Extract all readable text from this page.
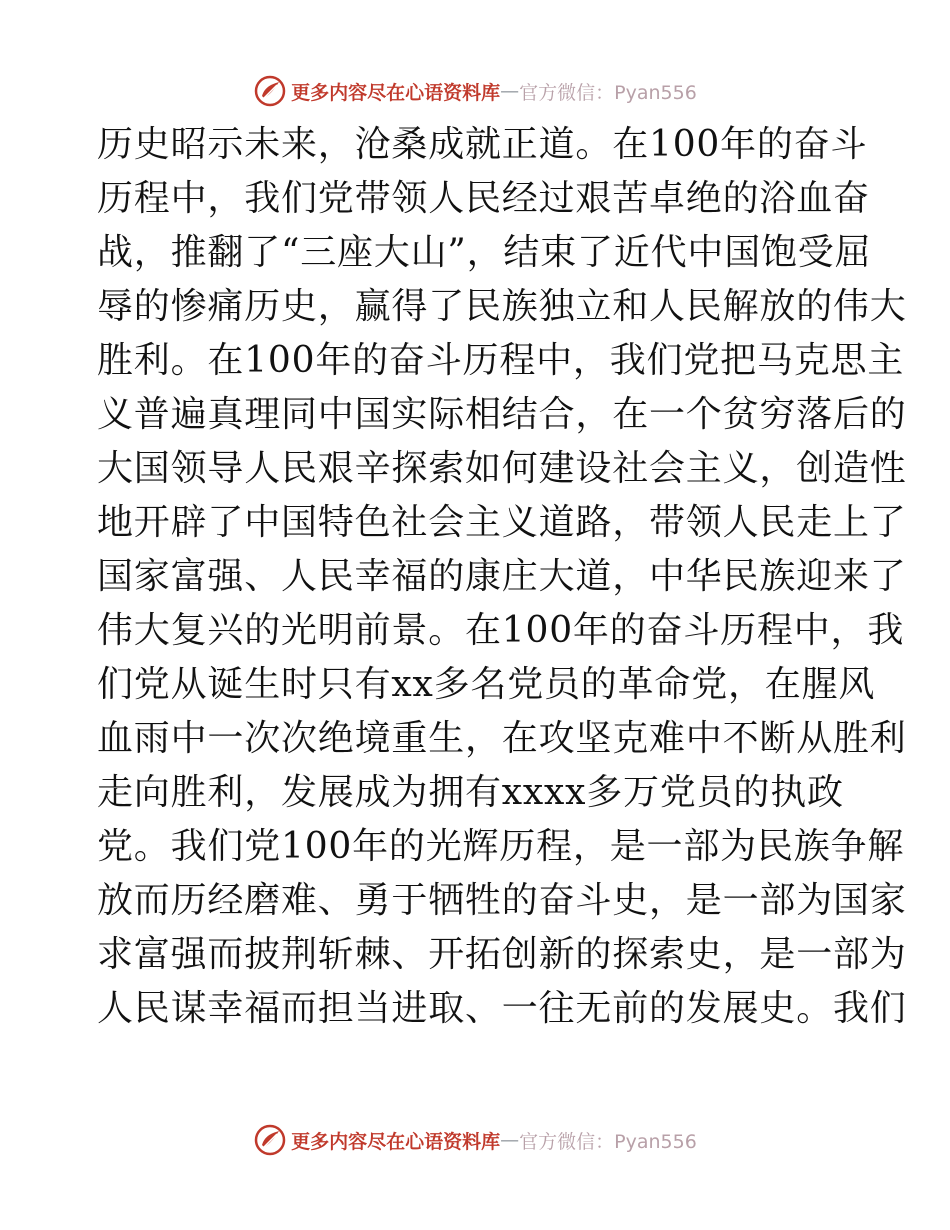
更多内容尽在心语资料库 — 官方微信：Pyan556
历史昭示未来，沧桑成就正道。在100年的奋斗
历程中，我们党带领人民经过艰苦卓绝的浴血奋
战，推翻了“三座大山”，结束了近代中国饱受屈
辱的惨痛历史，赢得了民族独立和人民解放的伟大
胜利。在100年的奋斗历程中，我们党把马克思主
义普遍真理同中国实际相结合，在一个贫穷落后的
大国领导人民艰辛探索如何建设社会主义，创造性
地开辟了中国特色社会主义道路，带领人民走上了
国家富强、人民幸福的康庄大道，中华民族迎来了
伟大复兴的光明前景。在100年的奋斗历程中，我
们党从诞生时只有xx多名党员的革命党，在腥风
血雨中一次次绝境重生，在攻坚克难中不断从胜利
走向胜利，发展成为拥有xxxx多万党员的执政
党。我们党100年的光辉历程，是一部为民族争解
放而历经磨难、勇于牺牲的奋斗史，是一部为国家
求富强而披荆斩棘、开拓创新的探索史，是一部为
人民谋幸福而担当进取、一往无前的发展史。我们
更多内容尽在心语资料库 — 官方微信：Pyan556
